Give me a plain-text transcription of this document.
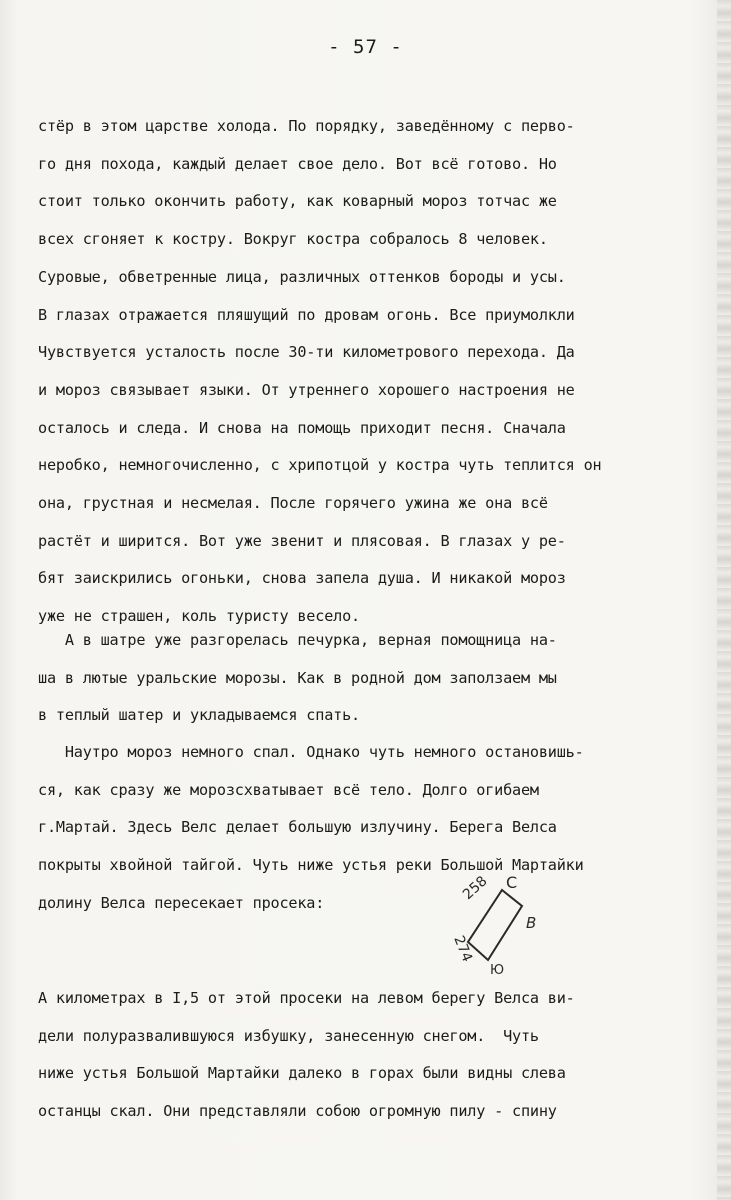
- 57 -
стёр в этом царстве холода. По порядку, заведённому с перво-
го дня похода, каждый делает свое дело. Вот всё готово. Но
стоит только окончить работу, как коварный мороз тотчас же
всех сгоняет к костру. Вокруг костра собралось 8 человек.
Суровые, обветренные лица, различных оттенков бороды и усы.
В глазах отражается пляшущий по дровам огонь. Все приумолкли
Чувствуется усталость после 30-ти километрового перехода. Да
и мороз связывает языки. От утреннего хорошего настроения не
осталось и следа. И снова на помощь приходит песня. Сначала
неробко, немногочисленно, с хрипотцой у костра чуть теплится он
она, грустная и несмелая. После горячего ужина же она всё
растёт и ширится. Вот уже звенит и плясовая. В глазах у ре-
бят заискрились огоньки, снова запела душа. И никакой мороз
уже не страшен, коль туристу весело.
А в шатре уже разгорелась печурка, верная помощница на-
ша в лютые уральские морозы. Как в родной дом заползаем мы
в теплый шатер и укладываемся спать.
Наутро мороз немного спал. Однако чуть немного остановишь-
ся, как сразу же морозсхватывает всё тело. Долго огибаем
г.Мартай. Здесь Велс делает большую излучину. Берега Велса
покрыты хвойной тайгой. Чуть ниже устья реки Большой Мартайки
долину Велса пересекает просека:	258
274
С
В
Ю
А километрах в I,5 от этой просеки на левом берегу Велса ви-
дели полуразвалившуюся избушку, занесенную снегом.  Чуть
ниже устья Большой Мартайки далеко в горах были видны слева
останцы скал. Они представляли собою огромную пилу - спину
